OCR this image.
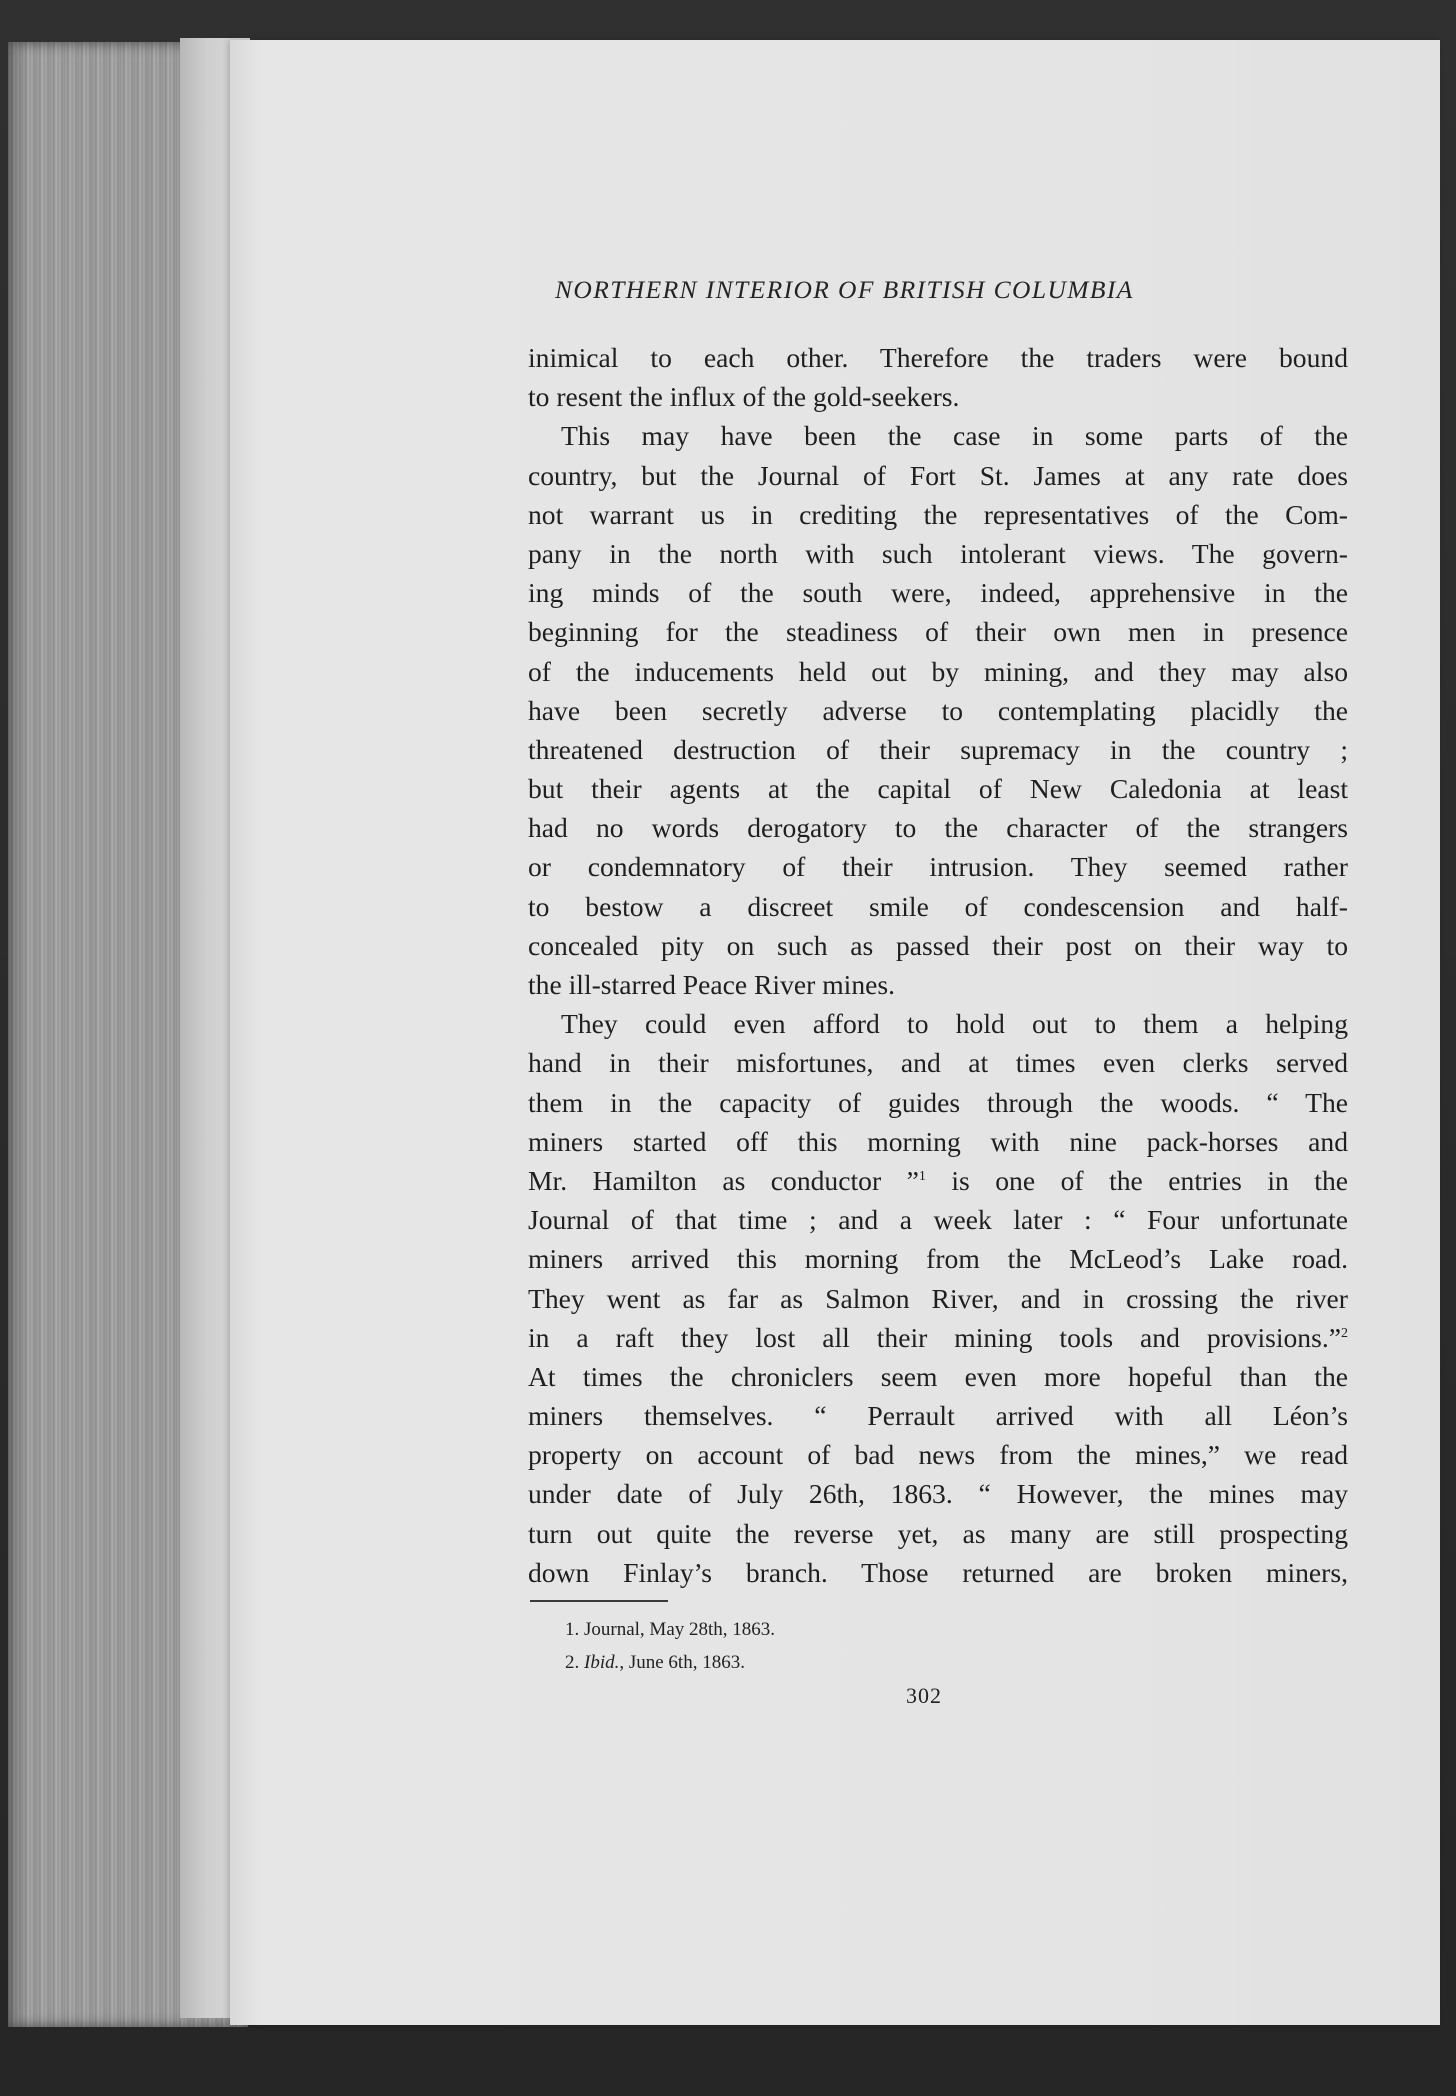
NORTHERN INTERIOR OF BRITISH COLUMBIA
inimical to each other. Therefore the traders were bound
to resent the influx of the gold-seekers.
This may have been the case in some parts of the
country, but the Journal of Fort St. James at any rate does
not warrant us in crediting the representatives of the Com-
pany in the north with such intolerant views. The govern-
ing minds of the south were, indeed, apprehensive in the
beginning for the steadiness of their own men in presence
of the inducements held out by mining, and they may also
have been secretly adverse to contemplating placidly the
threatened destruction of their supremacy in the country ;
but their agents at the capital of New Caledonia at least
had no words derogatory to the character of the strangers
or condemnatory of their intrusion. They seemed rather
to bestow a discreet smile of condescension and half-
concealed pity on such as passed their post on their way to
the ill-starred Peace River mines.
They could even afford to hold out to them a helping
hand in their misfortunes, and at times even clerks served
them in the capacity of guides through the woods. “ The
miners started off this morning with nine pack-horses and
Mr. Hamilton as conductor ”$^1$ is one of the entries in the
Journal of that time ; and a week later : “ Four unfortunate
miners arrived this morning from the McLeod’s Lake road.
They went as far as Salmon River, and in crossing the river
in a raft they lost all their mining tools and provisions.”$^2$
At times the chroniclers seem even more hopeful than the
miners themselves. “ Perrault arrived with all Léon’s
property on account of bad news from the mines,” we read
under date of July 26th, 1863. “ However, the mines may
turn out quite the reverse yet, as many are still prospecting
down Finlay’s branch. Those returned are broken miners,
1. Journal, May 28th, 1863.
2. Ibid., June 6th, 1863.
302
